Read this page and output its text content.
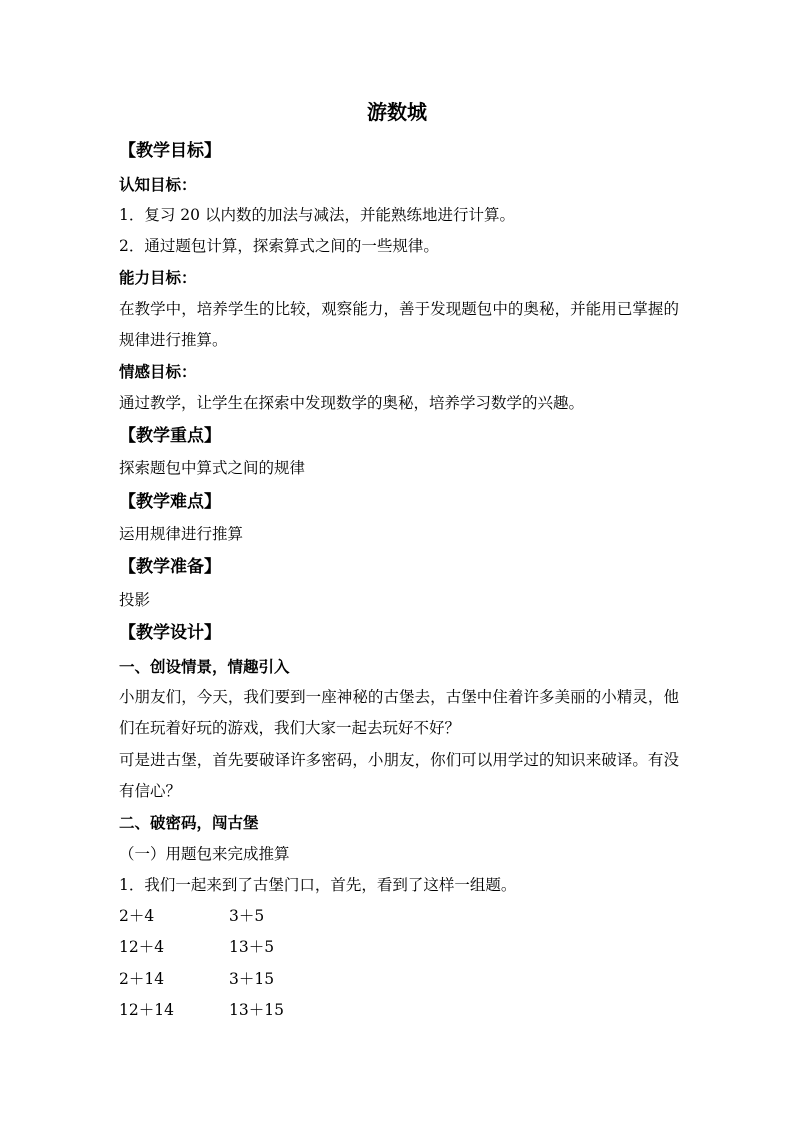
游数城
【教学目标】
认知目标：
1．复习 20 以内数的加法与减法，并能熟练地进行计算。
2．通过题包计算，探索算式之间的一些规律。
能力目标：
在教学中，培养学生的比较，观察能力，善于发现题包中的奥秘，并能用已掌握的规律进行推算。
情感目标：
通过教学，让学生在探索中发现数学的奥秘，培养学习数学的兴趣。
【教学重点】
探索题包中算式之间的规律
【教学难点】
运用规律进行推算
【教学准备】
投影
【教学设计】
一、创设情景，情趣引入
小朋友们，今天，我们要到一座神秘的古堡去，古堡中住着许多美丽的小精灵，他们在玩着好玩的游戏，我们大家一起去玩好不好？
可是进古堡，首先要破译许多密码，小朋友，你们可以用学过的知识来破译。有没有信心？
二、破密码，闯古堡
（一）用题包来完成推算
1．我们一起来到了古堡门口，首先，看到了这样一组题。
2＋4	3＋5
12＋4	13＋5
2＋14	3＋15
12＋14	13＋15
